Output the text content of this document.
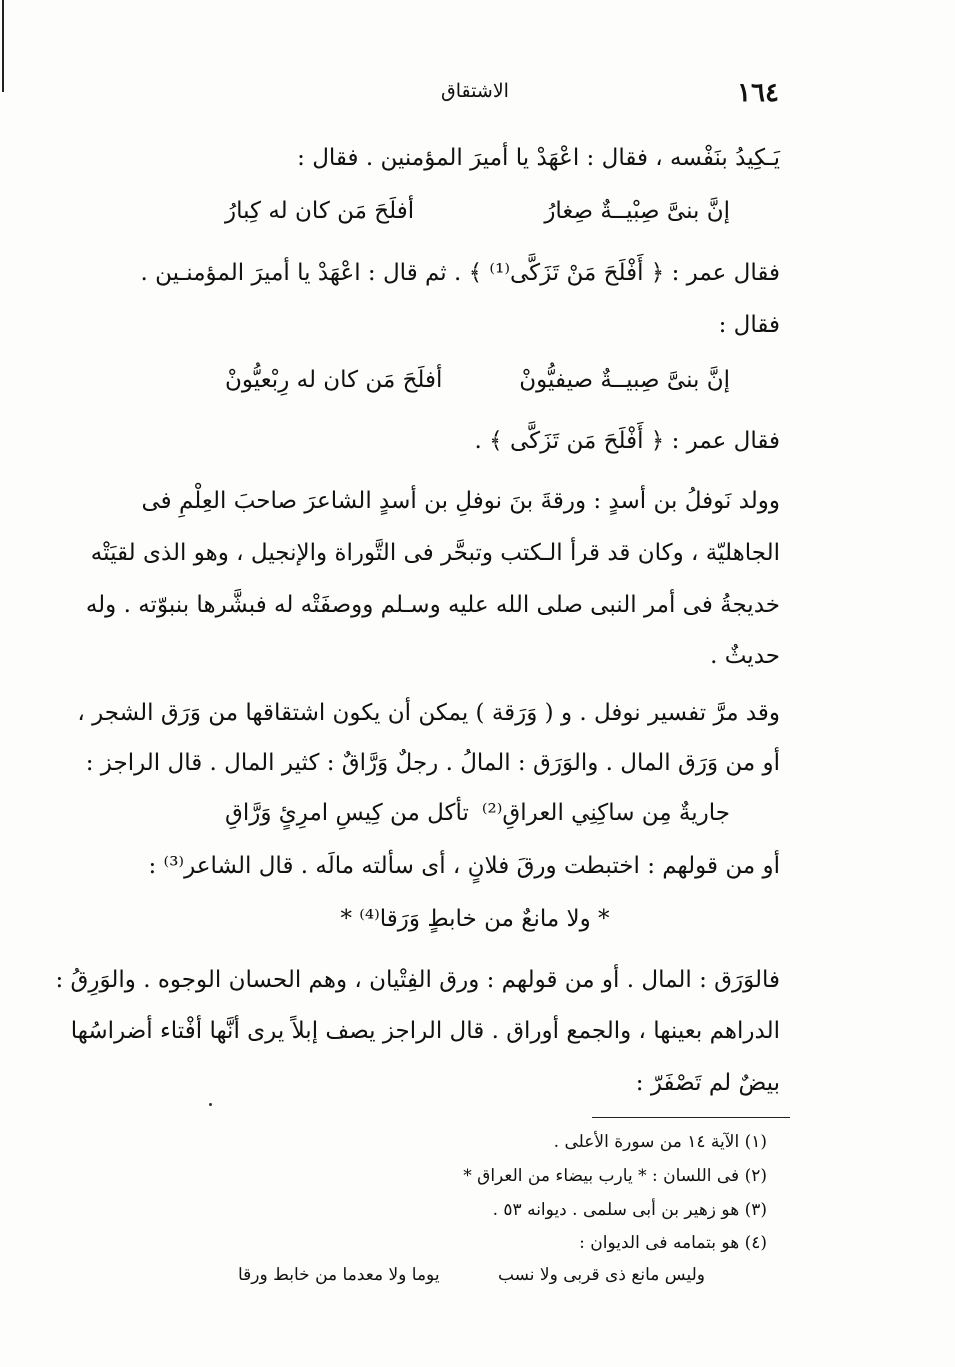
١٦٤
الاشتقاق
يَـكِيدُ بنَفْسه ، فقال : اعْهَدْ يا أميرَ المؤمنين . فقال :
إنَّ بنىَّ صِبْيــةٌ صِغارُ
أفلَحَ مَن كان له كِبارُ
فقال عمر : ﴿ أَفْلَحَ مَنْ تَزَكَّى⁽¹⁾ ﴾ . ثم قال : اعْهَدْ يا أميرَ المؤمنـين .
فقال :
إنَّ بنىَّ صِبيــةٌ صيفيُّونْ
أفلَحَ مَن كان له رِبْعيُّونْ
فقال عمر : ﴿ أَفْلَحَ مَن تَزَكَّى ﴾ .
وولد نَوفلُ بن أسدٍ : ورقةَ بنَ نوفلِ بن أسدٍ الشاعرَ صاحبَ العِلْمِ فى
الجاهليّة ، وكان قد قرأ الـكتب وتبحَّر فى التَّوراة والإنجيل ، وهو الذى لقيَتْه
خديجةُ فى أمر النبى صلى الله عليه وسـلم ووصفَتْه له فبشَّرها بنبوّته . وله
حديثٌ .
وقد مرَّ تفسير نوفل . و ( وَرَقة ) يمكن أن يكون اشتقاقها من وَرَق الشجر ،
أو من وَرَق المال . والوَرَق : المالُ . رجلٌ وَرَّاقٌ : كثير المال . قال الراجز :
جاريةٌ مِن ساكِنِي العراقِ⁽²⁾
تأكل من كِيسِ امرِئٍ وَرَّاقِ
أو من قولهم : اختبطت ورقَ فلانٍ ، أى سألته مالَه . قال الشاعر⁽³⁾ :
* ولا مانعٌ من خابطٍ وَرَقا⁽⁴⁾ *
فالوَرَق : المال . أو من قولهم : ورق الفِتْيان ، وهم الحسان الوجوه . والوَرِقُ :
الدراهم بعينها ، والجمع أوراق . قال الراجز يصف إبلاً يرى أنَّها أفْتاء أضراسُها
بيضٌ لم تَصْفَرّ :
(١) الآية ١٤ من سورة الأعلى .
(٢) فى اللسان : * يارب بيضاء من العراق *
(٣) هو زهير بن أبى سلمى . ديوانه ٥٣ .
(٤) هو بتمامه فى الديوان :
وليس مانع ذى قربى ولا نسب
يوما ولا معدما من خابط ورقا
